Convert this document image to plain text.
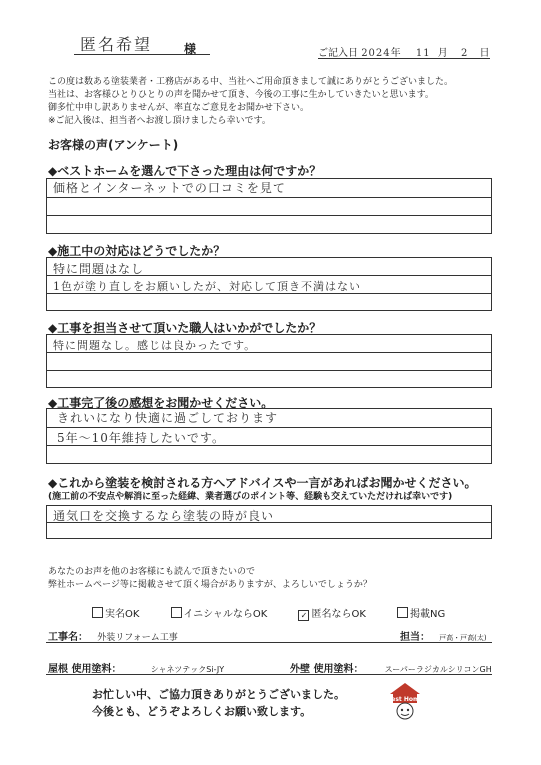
匿名希望	様	ご記入日 2024年 11 月 2 日
この度は数ある塗装業者・工務店がある中、当社へご用命頂きまして誠にありがとうございました。
当社は、お客様ひとりひとりの声を聞かせて頂き、今後の工事に生かしていきたいと思います。
御多忙中申し訳ありませんが、率直なご意見をお聞かせ下さい。
※ご記入後は、担当者へお渡し頂けましたら幸いです。
お客様の声(アンケート)
◆ベストホームを選んで下さった理由は何ですか？
価格とインターネットでの口コミを見て
◆施工中の対応はどうでしたか？
特に問題はなし
1色が塗り直しをお願いしたが、対応して頂き不満はない
◆工事を担当させて頂いた職人はいかがでしたか？
特に問題なし。感じは良かったです。
◆工事完了後の感想をお聞かせください。
きれいになり快適に過ごしております
5年〜10年維持したいです。
◆これから塗装を検討される方へアドバイスや一言があればお聞かせください。
(施工前の不安点や解消に至った経緯、業者選びのポイント等、経験も交えていただければ幸いです)
通気口を交換するなら塗装の時が良い
あなたのお声を他のお客様にも読んで頂きたいので
弊社ホームページ等に掲載させて頂く場合がありますが、よろしいでしょうか？
実名OK	イニシャルならOK	✓ 匿名ならOK	掲載NG
工事名： 外装リフォーム工事	担当： 戸高・戸高(太)
屋根 使用塗料：	シャネツテックSi-JY	外壁 使用塗料：	スーパーラジカルシリコンGH
お忙しい中、ご協力頂きありがとうございました。
今後とも、どうぞよろしくお願い致します。
Best Home
